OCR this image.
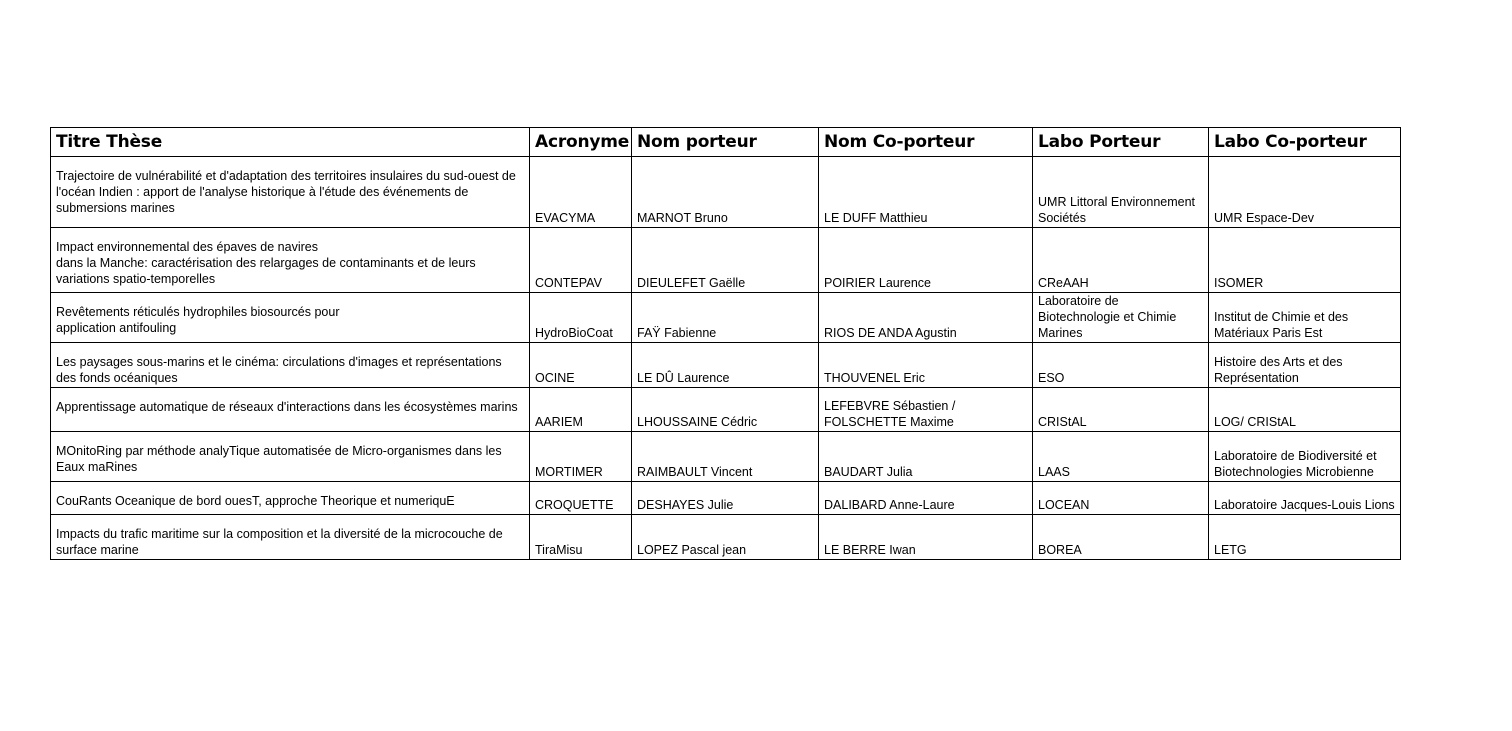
Titre Thèse	Acronyme	Nom porteur	Nom Co-porteur	Labo Porteur	Labo Co-porteur
Trajectoire de vulnérabilité et d'adaptation des territoires insulaires du sud-ouest de l'océan Indien : apport de l'analyse historique à l'étude des événements de submersions marines	EVACYMA	MARNOT Bruno	LE DUFF Matthieu	UMR Littoral Environnement Sociétés	UMR Espace-Dev
Impact environnemental des épaves de navires
dans la Manche: caractérisation des relargages de contaminants et de leurs variations spatio-temporelles	CONTEPAV	DIEULEFET Gaëlle	POIRIER Laurence	CReAAH	ISOMER
Revêtements réticulés hydrophiles biosourcés pour
application antifouling	HydroBioCoat	FAŸ Fabienne	RIOS DE ANDA Agustin	Laboratoire de Biotechnologie et Chimie Marines	Institut de Chimie et des Matériaux Paris Est
Les paysages sous-marins et le cinéma: circulations d'images et représentations des fonds océaniques	OCINE	LE DÛ Laurence	THOUVENEL Eric	ESO	Histoire des Arts et des Représentation
Apprentissage automatique de réseaux d'interactions dans les écosystèmes marins	AARIEM	LHOUSSAINE Cédric	LEFEBVRE Sébastien / FOLSCHETTE Maxime	CRIStAL	LOG/ CRIStAL
MOnitoRing par méthode analyTique automatisée de Micro-organismes dans les Eaux maRines	MORTIMER	RAIMBAULT Vincent	BAUDART Julia	LAAS	Laboratoire de Biodiversité et Biotechnologies Microbienne
CouRants Oceanique de bord ouesT, approche Theorique et numeriquE	CROQUETTE	DESHAYES Julie	DALIBARD Anne-Laure	LOCEAN	Laboratoire Jacques-Louis Lions
Impacts du trafic maritime sur la composition et la diversité de la microcouche de surface marine	TiraMisu	LOPEZ Pascal jean	LE BERRE Iwan	BOREA	LETG
